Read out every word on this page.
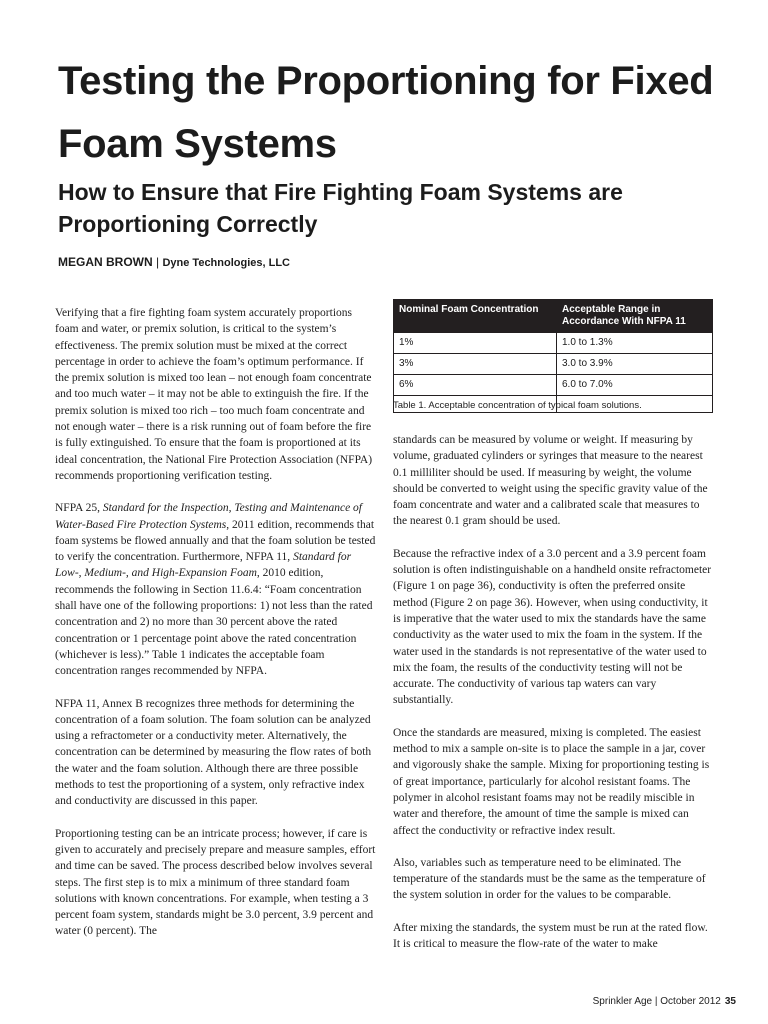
Testing the Proportioning for Fixed Foam Systems
How to Ensure that Fire Fighting Foam Systems are Proportioning Correctly
MEGAN BROWN | Dyne Technologies, LLC

Verifying that a fire fighting foam system accurately proportions foam and water, or premix solution, is critical to the system’s effectiveness. The premix solution must be mixed at the correct percentage in order to achieve the foam’s optimum performance. If the premix solution is mixed too lean – not enough foam concentrate and too much water – it may not be able to extinguish the fire. If the premix solution is mixed too rich – too much foam concentrate and not enough water – there is a risk running out of foam before the fire is fully extinguished. To ensure that the foam is proportioned at its ideal concentration, the National Fire Protection Association (NFPA) recommends proportioning verification testing.

NFPA 25, Standard for the Inspection, Testing and Maintenance of Water-Based Fire Protection Systems, 2011 edition, recommends that foam systems be flowed annually and that the foam solution be tested to verify the concentration. Furthermore, NFPA 11, Standard for Low-, Medium-, and High-Expansion Foam, 2010 edition, recommends the following in Section 11.6.4: “Foam concentration shall have one of the following proportions: 1) not less than the rated concentration and 2) no more than 30 percent above the rated concentration or 1 percentage point above the rated concentration (whichever is less).” Table 1 indicates the acceptable foam concentration ranges recommended by NFPA.

NFPA 11, Annex B recognizes three methods for determining the concentration of a foam solution. The foam solution can be analyzed using a refractometer or a conductivity meter. Alternatively, the concentration can be determined by measuring the flow rates of both the water and the foam solution. Although there are three possible methods to test the proportioning of a system, only refractive index and conductivity are discussed in this paper.

Proportioning testing can be an intricate process; however, if care is given to accurately and precisely prepare and measure samples, effort and time can be saved. The process described below involves several steps. The first step is to mix a minimum of three standard foam solutions with known concentrations. For example, when testing a 3 percent foam system, standards might be 3.0 percent, 3.9 percent and water (0 percent). The

Nominal Foam Concentration	Acceptable Range in Accordance With NFPA 11
1%	1.0 to 1.3%
3%	3.0 to 3.9%
6%	6.0 to 7.0%

Table 1. Acceptable concentration of typical foam solutions.

standards can be measured by volume or weight. If measuring by volume, graduated cylinders or syringes that measure to the nearest 0.1 milliliter should be used. If measuring by weight, the volume should be converted to weight using the specific gravity value of the foam concentrate and water and a calibrated scale that measures to the nearest 0.1 gram should be used.

Because the refractive index of a 3.0 percent and a 3.9 percent foam solution is often indistinguishable on a handheld onsite refractometer (Figure 1 on page 36), conductivity is often the preferred onsite method (Figure 2 on page 36). However, when using conductivity, it is imperative that the water used to mix the standards have the same conductivity as the water used to mix the foam in the system. If the water used in the standards is not representative of the water used to mix the foam, the results of the conductivity testing will not be accurate. The conductivity of various tap waters can vary substantially.

Once the standards are measured, mixing is completed. The easiest method to mix a sample on-site is to place the sample in a jar, cover and vigorously shake the sample. Mixing for proportioning testing is of great importance, particularly for alcohol resistant foams. The polymer in alcohol resistant foams may not be readily miscible in water and therefore, the amount of time the sample is mixed can affect the conductivity or refractive index result.

Also, variables such as temperature need to be eliminated. The temperature of the standards must be the same as the temperature of the system solution in order for the values to be comparable.

After mixing the standards, the system must be run at the rated flow. It is critical to measure the flow-rate of the water to make

Sprinkler Age | October 2012 35
